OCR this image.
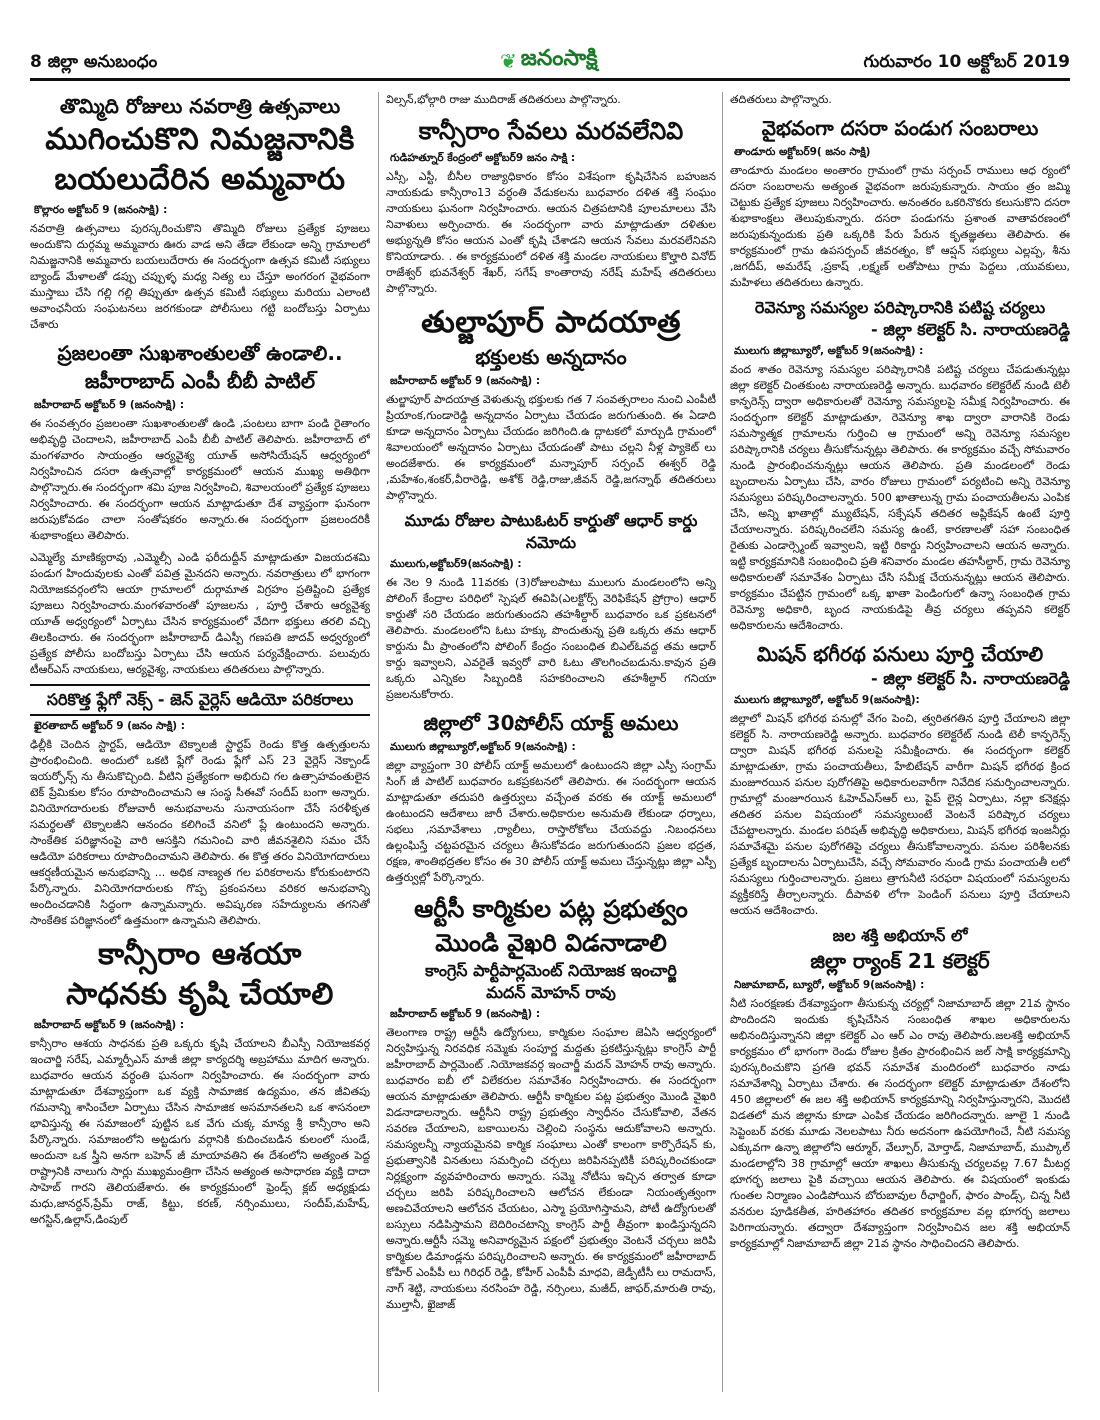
8 జిల్లా అనుబంధం	❦ జనంసాక్షి	గురువారం 10 అక్టోబర్ 2019
తొమ్మిది రోజులు నవరాత్రి ఉత్సవాలు
ముగించుకొని నిమజ్జనానికి
బయలుదేరిన అమ్మవారు
కొల్లారం అక్టోబర్ 9 (జనంసాక్షి) :

నవరాత్రి ఉత్సవాలు పురస్కరించుకొని తొమ్మిది రోజులు ప్రత్యేక పూజలు అందుకొని దుర్గమ్మ అమ్మవారు ఊరు వాడ అని తేడా లేకుండా అన్ని గ్రామాలలో నిమజ్జనానికి అమ్మవారు బయలుదేరారు ఈ సందర్భంగా ఉత్సవ కమిటీ సభ్యులు బ్యాండ్ మేళాలతో డప్పు చప్పుళ్ళ మధ్య నిత్య లు చేస్తూ అంగరంగ వైభవంగా ముస్తాబు చేసి గల్లి గల్లి తిప్పుతూ ఉత్సవ కమిటీ సభ్యులు మరియు ఎలాంటి అవాంఛనీయ సంఘటనలు జరగకుండా పోలీసులు గట్టి బందోబస్తు ఏర్పాటు చేశారు

ప్రజలంతా సుఖశాంతులతో ఉండాలి..
జహీరాబాద్ ఎంపీ బీబీ పాటిల్
జహీరాబాద్ అక్టోబర్ 9 (జనంసాక్షి) :

ఈ సంవత్సరం ప్రజలంతా సుఖశాంతులతో ఉండి ,పంటలు బాగా పండి రైతాంగం అభివృద్ధి చెందాలని, జహీరాబాద్ ఎంపీ బీబీ పాటిల్ తెలిపారు. జహీరాబాద్ లో మంగళవారం సాయంత్రం ఆర్యవైశ్య యూత్ అసోసియేషన్ ఆధ్వర్యంలో నిర్వహించిన దసరా ఉత్సవాల్లో కార్యక్రమంలో ఆయన ముఖ్య అతిథిగా పాల్గొన్నారు.ఈ సందర్భంగా శమి పూజ నిర్వహించి, శివాలయంలో ప్రత్యేక పూజలు నిర్వహించారు. ఈ సందర్భంగా ఆయన మాట్లాడుతూ దేశ వ్యాప్తంగా ఘనంగా జరుపుకోవడం చాలా సంతోషకరం అన్నారు.ఈ సందర్భంగా ప్రజలందరికీ శుభాకాంక్షలు తెలిపారు.

ఎమ్మెల్యే మాణిక్యరావు ,ఎమ్మెల్సీ ఎండి ఫరీదుద్దీన్ మాట్లాడుతూ విజయదశమి పండుగ హిందువులకు ఎంతో పవిత్ర మైనదని అన్నారు. నవరాత్రులు లో భాగంగా నియోజకవర్గంలోని ఆయా గ్రామాలలో దుర్గామాత విగ్రహం ప్రతిష్టించి ప్రత్యేక పూజలు నిర్వహించారు.మంగళవారంతో పూజలను , పూర్తి చేశారు ఆర్యవైశ్య యూత్ అధ్వర్యంలో ఏర్పాటు చేసిన కార్యక్రమంలో వేదిగా భక్తులు తరలి వచ్చి తిలకించారు. ఈ సందర్భంగా జహీరాబాద్ డిఎస్పీ గణపతి జాదవ్ అధ్వర్యంలో ప్రత్యేక పోలీసు బందోబస్తు ఏర్పాటు చేసి ఆయన పర్యవేక్షించారు. పలువురు టీఆర్ఎస్ నాయకులు, ఆర్యవైశ్య, నాయకులు తదితరులు పాల్గొన్నారు.

సరికొత్త ఫ్లేగో నెక్స్ - జెన్ వైర్లెస్ ఆడియో పరికరాలు
ఖైరతాబాద్ అక్టోబర్ 9 (జనం సాక్షి) :

ఢిల్లీకి చెందిన స్టార్టప్, ఆడియో టెక్నాలజీ స్టార్టప్ రెండు కొత్త ఉత్పత్తులను ప్రారంభించింది. అందులో ఒకటి ఫ్లేగో రెండు ఫ్లేగో ఎస్ 23 వైర్లెస్ నెక్బాండ్ ఇయర్ఫోన్స్ ను తీసుకొచ్చింది. వీటిని ప్రత్యేకంగా అభిరుచి గల ఉత్సాహవంతులైన టెక్ ప్రేమికుల కోసం రూపొందించామని ఆ సంస్థ సీఈవో సందీప్ బంగా అన్నారు. వినియోగదారులకు రోజువారీ అనుభవాలను సునాయసంగా చేసే సరళీకృత సమర్థలతో టెక్నాలజీని ఆనందం కలిగించే వనిలో ప్లే ఉంటుందని అన్నారు. సాంకేతిక పరిజ్ఞానంపై వారి ఆసక్తిని గమనించి వారి జీవనశైలిని సమం చేసే ఆడియో పరికరాలు రూపొందించామని తెలిపారు. ఈ కొత్త తరం వినియోగదారులు ఆకర్షణీయమైన అనుభవాన్ని ... అధిక నాణ్యత గల పరికరాలను కోరుకుంటారని పేర్కొన్నారు. వినియోగదారులకు గొప్ప ప్రకంపనలు వరికర అనుభవాన్ని అందించడానికి సిద్ధంగా ఉన్నామన్నారు. అవిష్కరణ సహేద్యులను తగనితో సాంకేతిక పరిజ్ఞానంలో ఉత్తమంగా ఉన్నామని తెలిపారు.

కాన్సీరాం ఆశయా
సాధనకు కృషి చేయాలి
జహీరాబాద్ అక్టోబర్ 9 (జనంసాక్షి) :

కాన్సీరాం ఆశయ సాధనకు ప్రతి ఒక్కరు కృషి చేయాలని బీఎస్పీ నియోజకవర్గ ఇంచార్జి సరేష్, ఎమ్మార్పీఎస్ మాజీ జిల్లా కార్యదర్శి అబ్రహాము మాదిగ అన్నారు. బుధవారం ఆయన వర్ధంతి ఘనంగా నిర్వహించారు. ఈ సందర్భంగా వారు మాట్లాడుతూ దేశవ్యాప్తంగా ఒక వ్యక్తి సామాజిక ఉద్యమం, తన జీవితపు గమనాన్ని శాసించేలా ఏర్పాటు చేసిన సామాజిక అసమానతలని ఒక శాసనంలా భావిస్తున్న ఈ సమాజంలో పుట్టిన ఒక వేగు చుక్క మాన్య శ్రీ కాన్సీరాం అని పేర్కొన్నారు. సమాజంలోని అట్టడుగు వర్గానికి కుదించబడిన కులంలో సుండే, అందునా ఒక స్త్రీని అనగా బహెన్ జీ మాయావతిని ఈ దేశంలోని అత్యంత పెద్ద రాష్ట్రానికి నాలుగు సార్లు ముఖ్యమంత్రిగా చేసిన అత్యంత అసాధారణ వ్యక్తి దాదా సాహెబ్ గారని తెలియజేశారు. ఈ కార్యక్రమంలో ఫ్రెండ్స్ క్లబ్ అధ్యక్షుడు మధు,జానర్దన్,ప్రేమ్ రాజ్, కిట్టు, కరణ్, నర్సింములు, సందీప్,మహేష్, అగస్టిన్,ఉల్లాస్,డింపుల్

విల్సన్,భోల్గారి రాజు ముదిరాజ్ తదితరులు పాల్గొన్నారు.

కాన్సీరాం సేవలు మరవలేనివి
గుడిహత్నూర్ కేంద్రంలో అక్టోబర్9 జనం సాక్షి :

ఎస్సీ, ఎస్టీ, బీసీల రాజ్యాధికారం కోసం విశేషంగా కృషిచేసిన బహుజన నాయకుడు కాన్సీరాం13 వర్ధంతి వేడుకలను బుధవారం దళిత శక్తి సంఘం నాయకులు ఘనంగా నిర్వహించారు. ఆయన చిత్రపటానికి పూలమాలలు వేసి నివాళులు అర్పించారు. ఈ సందర్భంగా వారు మాట్లాడుతూ దళితుల అభ్యున్నతి కోసం ఆయన ఎంతో కృషి చేశాడని ఆయన సేవలు మరవలేనివని కొనియాడారు. . ఈ కార్యక్రమంలో దళిత శక్తి మండల నాయకులు కొల్హారి వినోద్ రాజేశ్వర్ భువనేశ్వర్ శేఖర్, సగేష్ కాంతారావు నరేష్ మహేష్ తదితరులు పాల్గొన్నారు.

తుల్జాపూర్ పాదయాత్ర
భక్తులకు అన్నదానం
జహీరాబాద్ అక్టోబర్ 9 (జనంసాక్షి) :

తుల్జాపూర్ పాదయాత్ర వెళుతున్న భక్తులకు గత 7 సంవత్సరాలం నుంచి ఎంపీటీ ప్రియాంక,గుండారెడ్డి అన్నదానం ఏర్పాటు చేయడం జరుగుతుంది. ఈ ఏడాది కూడా అన్నదానం ఏర్పాటు చేయడం జరిగింది.ఉ ద్గాటకలో మార్చుడి గ్రామంలో శివాలయంలో అన్నదానం ఏర్పాటు చేయడంతో పాటు చల్లని నీళ్ల ప్యాకెట్ లు అందజేశారు. ఈ కార్యక్రమంలో మన్నాపూర్ సర్పంచ్ ఈశ్వర్ రెడ్డి ,మహేశం,శంకర్,వీరారెడ్డి, అశోక్ రెడ్డి,రాజు,జీవన్ రెడ్డి,జగన్నాథ్ తదితరులు పాల్గొన్నారు.

మూడు రోజుల పాటుఓటర్ కార్డుతో ఆధార్ కార్డు నమోదు
ములుగు,అక్టోబర్9(జనంసాక్షి) :

ఈ నెల 9 నుండి 11వరకు (3)రోజులపాటు ములుగు మండలంలోని అన్ని పోలింగ్ కేంద్రాల పరిధిలో స్పెషల్ ఈవిపి(ఎలక్టోర్స్ వెరిఫికేషన్ ప్రోగ్రాం) ఆధార్ కార్డుతో సరి చేయడం జరుగుతుందని తహశీల్దార్ బుధవారం ఒక ప్రకటనలో తెలిపారు. మండలంలోని ఓటు హక్కు పొందుతున్న ప్రతి ఒక్కరు తమ ఆధార్ కార్డును మీ ప్రాంతంలోని పోలింగ్ కేంద్రం సంబంధిత బిఎల్ఓవద్ద తమ ఆధార్ కార్డు ఇవ్వాలని, ఎవరైతే ఇవ్వరో వారి ఓటు తొలగించబడును.కావున ప్రతి ఒక్కరు ఎన్నికల సిబ్బందికి సహకరించాలని తహశీల్దార్ గనియా ప్రజలనుకోరారు.

జిల్లాలో 30పోలీస్ యాక్ట్ అమలు
ములుగు జిల్లాబ్యూరో,అక్టోబర్ 9(జనంసాక్షి) :

జిల్లా వ్యాప్తంగా 30 పోలీస్ యాక్ట్ అమలులో ఉంటుందని జిల్లా ఎస్పీ సంగ్రామ్ సింగ్ జీ పాటిల్ బుధవారం ఒకప్రకటనలో తెలిపారు. ఈ సందర్భంగా ఆయన మాట్లాడుతూ తదుపరి ఉత్తర్వులు వచ్చేంత వరకు ఈ యాక్ట్ అమలులో ఉంటుందని ఆదేశాలు జారీ చేశారు.అధికారుల అనుమతి లేకుండా ధర్నాలు, సభలు ,సమావేశాలు ,ర్యాలీలు, రాస్తారోకోలు చేయవద్దు .నిబంధనలు ఉల్లంఘిస్తే చట్టపరమైన చర్యలు తీసుకోవడం జరుగుతుందని ప్రజల భద్రత, రక్షణ, శాంతిభద్రతల కోసం ఈ 30 పోలీస్ యాక్ట్ అమలు చేస్తున్నట్లు జిల్లా ఎస్పీ ఉత్తర్వుల్లో పేర్కొన్నారు.

ఆర్టీసీ కార్మికుల పట్ల ప్రభుత్వం
మొండి వైఖరి విడనాడాలి
కాంగ్రెస్ పార్టీపార్లమెంట్ నియోజక ఇంచార్జి
మదన్ మోహన్ రావు
జహీరాబాద్ అక్టోబర్ 9 (జనంసాక్షి) :

తెలంగాణ రాష్ట్ర ఆర్టీసీ ఉద్యోగులు, కార్మికుల సంఘాల జెఏసి ఆధ్వర్యంలో నిర్వహిస్తున్న నిరవధిక సమ్మెకు సంపూర్ణ మద్దతు ప్రకటిస్తున్నట్లు కాంగ్రెస్ పార్టీ జహీరాబాద్ పార్లమెంట్ .నియోజకవర్గ ఇంచార్జీ మదన్ మోహన్ రావు అన్నారు. బుధవారం ఐబీ లో విలేకరుల సమావేశం నిర్వహించారు. ఈ సందర్భంగా ఆయన మాట్లాడుతూ తెలిపారు. ఆర్టీసీ కార్మికుల పట్ల ప్రభుత్వం మొండి వైఖరి విడనాడాలన్నారు. ఆర్టీసీని రాష్ట్ర ప్రభుత్వం స్వాధీనం చేసుకోవాలి, వేతన సవరణ చేయాలని, బకాయిలను చెల్లించి సంస్థను ఆదుకోవాలని అన్నారు. సమస్యలన్నీ న్యాయమైనవి కార్మిక సంఘాలు ఎంతో కాలంగా కార్పొరేషన్ కు, ప్రభుత్వానికి వినతులు సమర్పించి చర్చలు జరిపినప్పటికీ పరిష్కరించకుండా నిర్లక్ష్యంగా వ్యవహరించారు అన్నారు. సమ్మె నోటీసు ఇచ్చిన తర్వాత కూడా చర్చలు జరిపి పరిష్కరించాలని ఆలోచన లేకుండా నియంతృత్వంగా అణచివేయాలని ఆలోచన చేయటం, ఎస్మా ప్రయోగిస్తామని, పోటీ ఉద్యోగులతో బస్సులు నడిపిస్తామని బెదిరించటాన్ని కాంగ్రెస్ పార్టీ తీవ్రంగా ఖండిస్తున్నదని అన్నారు.ఆర్టీసీ సమ్మె అనివార్యమైన పక్షంలో ప్రభుత్వం వెంటనే చర్చలు జరిపి కార్మికుల డిమాండ్లను పరిష్కరించాలని అన్నారు. ఈ కార్యక్రమంలో జహీరాబాద్ కోహీర్ ఎంపీపీ లు గిరిధర్ రెడ్డి, కోహీర్ ఎంపీపీ మాధవి, జెడ్పీటీసీ లు రామదాస్, నాగ్ శెట్టి, నాయకులు నరసింహ రెడ్డి, నర్సింలు, మజీద్, జాఫర్,మారుతి రావు, ముల్తానీ, ఖైజాజ్

తదితరులు పాల్గొన్నారు.

వైభవంగా దసరా పండుగ సంబరాలు
తాండూరు అక్టోబర్9( జనం సాక్షి)

తాండూరు మండలం అంతారం గ్రామంలో గ్రామ సర్పంచ్ రాములు ఆధ ర్యంలో దసరా సంబరాలను అత్యంత వైభవంగా జరుపుకున్నారు. సాయం త్రం జమ్మి చెట్టుకు ప్రత్యేక పూజలు నిర్వహించారు. అనంతరం ఒకరినొకరు కలుసుకొని దసరా శుభాకాంక్షలు తెలుపుకున్నారు. దసరా పండుగను ప్రశాంత వాతావరణంలో జరుపుకున్నందుకు ప్రతి ఒక్కరికి పేరు పేరున కృతజ్ఞతలు తెలిపారు. ఈ కార్యక్రమంలో గ్రామ ఉపసర్పంచ్ జీవరత్నం, కో ఆప్షన్ సభ్యులు ఎల్లప్ప, శీను ,జగదీప్, అమరేష్ ,ప్రకాష్ ,లక్ష్మణ్ లతోపాటు గ్రామ పెద్దలు ,యువకులు, మహిళలు తదితరులు ఉన్నారు.

రెవెన్యూ సమస్యల పరిష్కారానికి పటిష్ట చర్యలు
- జిల్లా కలెక్టర్ సి. నారాయణరెడ్డి
ములుగు జిల్లాబ్యూరో, అక్టోబర్ 9(జనంసాక్షి) :

వంద శాతం రెవెన్యూ సమస్యల పరిష్కారానికి పటిష్ట చర్యలు చేపడుతున్నట్లు జిల్లా కలెక్టర్ చింతకుంట నారాయణరెడ్డి అన్నారు. బుధవారం కలెక్టరేట్ నుండి టెలీ కాన్ఫరెన్స్ ద్వారా అధికారులతో రెవెన్యూ సమస్యలపై సమీక్ష నిర్వహించారు. ఈ సందర్భంగా కలెక్టర్ మాట్లాడుతూ, రెవెన్యూ శాఖ ద్వారా వారానికి రెండు సమస్యాత్మక గ్రామాలను గుర్తించి ఆ గ్రామంలో అన్ని రెవెన్యూ సమస్యల పరిష్కారానికి చర్యలు తీసుకోనున్నట్లు తెలిపారు. ఈ కార్యక్రమం వచ్చే సోమవారం నుండి ప్రారంభించనున్నట్లు ఆయన తెలిపారు. ప్రతి మండలంలో రెండు బృందాలను ఏర్పాటు చేసి, వారం రోజులు గ్రామంలో పర్యటించి అన్ని రెవెన్యూ సమస్యలు పరిష్కరించాలన్నారు. 500 ఖాతాలున్న గ్రామ పంచాయతీలను ఎంపిక చేసి, అన్ని ఖాతాల్లో మ్యుటేషన్, సక్సేషన్ తదితర అప్లికేషన్ ఉంటే పూర్తి చేయాలన్నారు. పరిష్కరించలేని సమస్య ఉంటే, కారణాలతో సహా సంబంధిత రైతుకు ఎండార్స్మెంట్ ఇవ్వాలని, ఇట్టి రికార్డు నిర్వహించాలని ఆయన అన్నారు. ఇట్టి కార్యక్రమానికి సంబంధించి ప్రతి శనివారం మండల తహసీల్దార్, గ్రామ రెవెన్యూ అధికారులతో సమావేశం ఏర్పాటు చేసి సమీక్ష చేయనున్నట్లు ఆయన తెలిపారు. కార్యక్రమం చేపట్టిన గ్రామంలో ఒక్క ఖాతా పెండింగులో ఉన్నా సంబంధిత గ్రామ రెవెన్యూ అధికారి, బృంద నాయకుడిపై తీవ్ర చర్యలు తప్పవని కలెక్టర్ అధికారులను ఆదేశించారు.

మిషన్ భగీరథ పనులు పూర్తి చేయాలి
- జిల్లా కలెక్టర్ సి. నారాయణరెడ్డి
ములుగు జిల్లాబ్యూరో, అక్టోబర్ 9(జనంసాక్షి):

జిల్లాలో మిషన్ భగీరథ పనుల్లో వేగం పెంచి, త్వరితగతిన పూర్తి చేయాలని జిల్లా కలెక్టర్ సి. నారాయణరెడ్డి అన్నారు. బుధవారం కలెక్టరేట్ నుండి టెలీ కాన్ఫరెన్స్ ద్వారా మిషన్ భగీరథ పనులపై సమీక్షించారు. ఈ సందర్భంగా కలెక్టర్ మాట్లాడుతూ, గ్రామ పంచాయతీలు, హేబిటేషన్ వారీగా మిషన్ భగీరథ క్రింద మంజూరయిన పనుల పురోగతిపై అధికారులవారీగా నివేదిక సమర్పించాలన్నారు. గ్రామాల్లో మంజూరయిన ఓహెచ్ఎస్ఆర్ లు, పైప్ లైన్ల ఏర్పాటు, నల్లా కనెక్షన్లు తదితర పనుల విషయంలో సమస్యలుంటే వెంటనే పరిష్కార చర్యలు చేపట్టాలన్నారు. మండల పరిషత్ అభివృద్ధి అధికారులు, మిషన్ భగీరథ ఇంజనీర్లు సమావేశమై పనుల పురోగతిపై చర్యలు తీసుకోవాలన్నారు. పనుల పరిశీలనకు ప్రత్యేక బృందాలను ఏర్పాటుచేసి, వచ్చే సోమవారం నుండి గ్రామ పంచాయతీ లలో సమస్యలు గుర్తించాలన్నారు. ప్రజలు త్రాగునీటి సరఫరా విషయంలో సమస్యలను వ్యక్తీకరిస్తే తీర్చాలన్నారు. దీపావళి లోగా పెండింగ్ పనులు పూర్తి చేయాలని ఆయన ఆదేశించారు.

జల శక్తి అభియాన్ లో
జిల్లా ర్యాంక్ 21 కలెక్టర్
నిజామాబాద్, బ్యూరో, అక్టోబర్ 9(జనంసాక్షి) :

నీటి సంరక్షణకు దేశవ్యాప్తంగా తీసుకున్న చర్యల్లో నిజామాబాద్ జిల్లా 21వ స్థానం పొందిందని ఇందుకు కృషిచేసిన సంబంధిత శాఖల అధికారులను అభినందిస్తున్నానని జిల్లా కలెక్టర్ ఎం ఆర్ ఎం రావు తెలిపారు.జలశక్తి అభియాన్ కార్యక్రమం లో భాగంగా రెండు రోజుల క్రితం ప్రారంభించిన జల్ సాక్షి కార్యక్రమాన్ని పురస్కరించుకొని ప్రగతి భవన్ సమావేశ మందిరంలో బుధవారం నాడు సమావేశాన్ని ఏర్పాటు చేశారు. ఈ సందర్భంగా కలెక్టర్ మాట్లాడుతూ దేశంలోని 450 జిల్లాలలో ఈ జల శక్తి అభియాన్ కార్యక్రమాన్ని నిర్వహిస్తున్నారని, మొదటి విడతలో మన జిల్లాను కూడా ఎంపిక చేయడం జరిగిందన్నారు. జూలై 1 నుండి సెప్టెంబర్ వరకు మూడు నెలలపాటు నీరు అదనంగా ఉపయోగించే, నీటి సమస్య ఎక్కువగా ఉన్నా జిల్లాలోని ఆర్మూర్, వేల్పూర్, మోర్తాడ్, నిజామాబాద్, ముప్కాల్ మండలాల్లోని 38 గ్రామాల్లో ఆయా శాఖలు తీసుకున్న చర్యలవల్ల 7.67 మీటర్ల భూగర్భ జలాలు పైకి వచ్చాయి ఆయన తెలిపారు. ఈ విషయంలో ఇంకుడు గుంతల నిర్మాణం ఎండిపోయిన బోరుబావుల రీఛార్జింగ్, ఫారం పాండ్స్, చిన్న నీటి వనరుల పూడికతీత, హరితహారం తదితర కార్యక్రమాల వల్ల భూగర్భ జలాలు పెరిగాయన్నారు. తద్వారా దేశవ్యాప్తంగా నిర్వహించిన జల శక్తి అభియాన్ కార్యక్రమాల్లో నిజామాబాద్ జిల్లా 21వ స్థానం సాధించిందని తెలిపారు.
